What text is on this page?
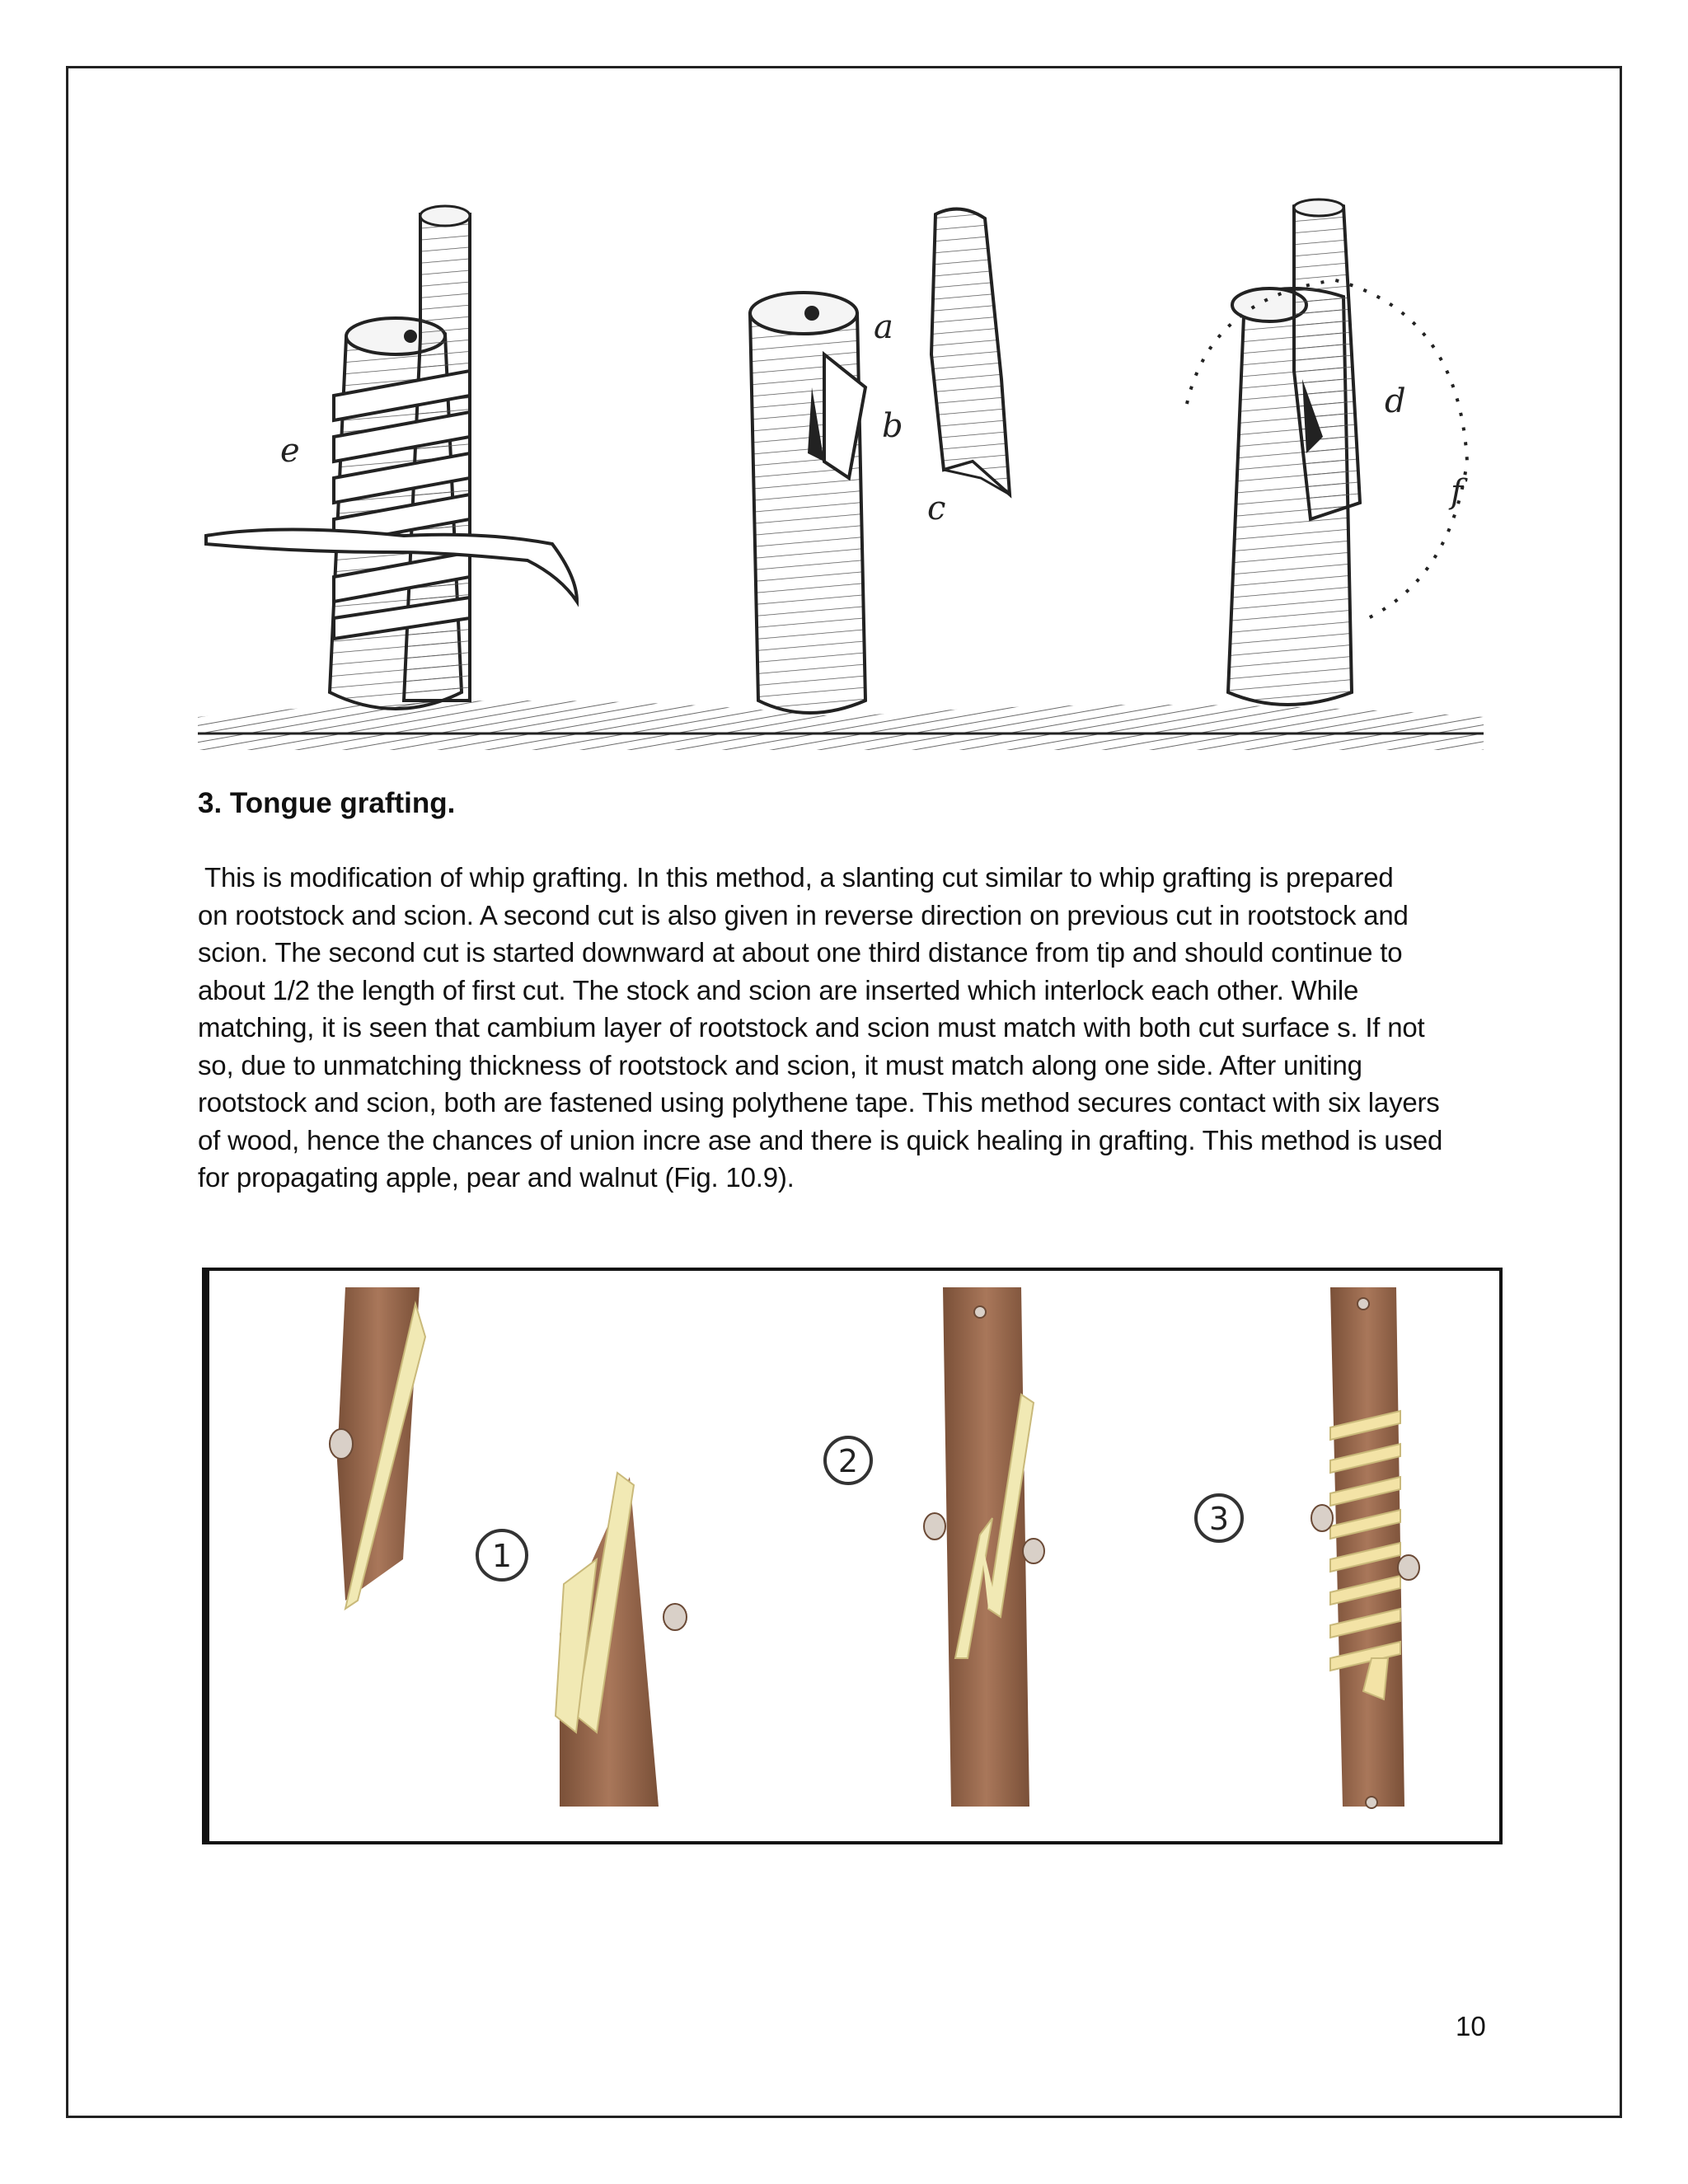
e
a
b
c
d
f
3. Tongue grafting.

This is modification of whip grafting. In this method, a slanting cut similar to whip grafting is prepared
on rootstock and scion. A second cut is also given in reverse direction on previous cut in rootstock and
scion. The second cut is started downward at about one third distance from tip and should continue to
about 1/2 the length of first cut. The stock and scion are inserted which interlock each other. While
matching, it is seen that cambium layer of rootstock and scion must match with both cut surface s. If not
so, due to unmatching thickness of rootstock and scion, it must match along one side. After uniting
rootstock and scion, both are fastened using polythene tape. This method secures contact with six layers
of wood, hence the chances of union incre ase and there is quick healing in grafting. This method is used
for propagating apple, pear and walnut (Fig. 10.9).

1
2
3

10
